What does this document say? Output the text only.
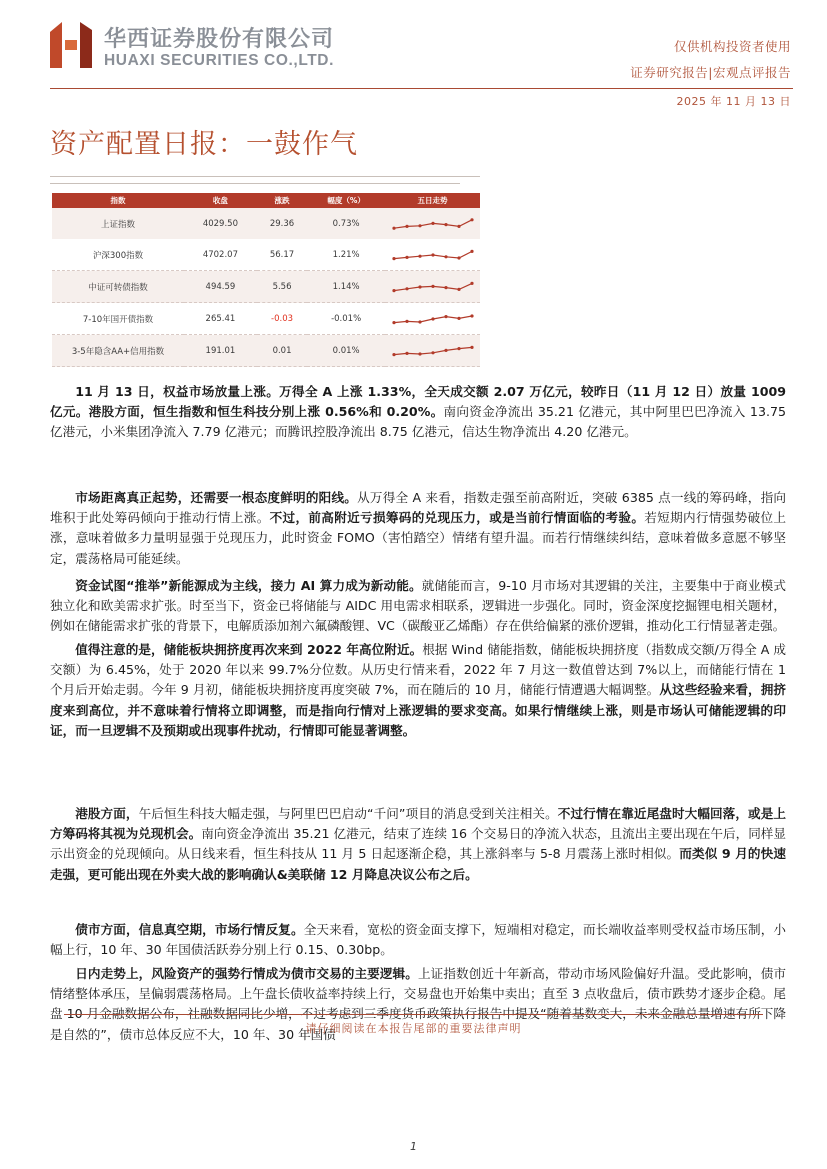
华西证券股份有限公司
HUAXI SECURITIES CO.,LTD.
仅供机构投资者使用
证券研究报告|宏观点评报告
2025 年 11 月 13 日
资产配置日报：一鼓作气
指数	收盘	涨跌	幅度（%）	五日走势
上证指数	4029.50	29.36	0.73%	

沪深300指数	4702.07	56.17	1.21%	

中证可转债指数	494.59	5.56	1.14%	

7-10年国开债指数	265.41	-0.03	-0.01%	

3-5年隐含AA+信用指数	191.01	0.01	0.01%	

11 月 13 日，权益市场放量上涨。万得全 A 上涨 1.33%，全天成交额 2.07 万亿元，较昨日（11 月 12 日）放量 1009 亿元。港股方面，恒生指数和恒生科技分别上涨 0.56%和 0.20%。南向资金净流出 35.21 亿港元，其中阿里巴巴净流入 13.75 亿港元，小米集团净流入 7.79 亿港元；而腾讯控股净流出 8.75 亿港元，信达生物净流出 4.20 亿港元。

市场距离真正起势，还需要一根态度鲜明的阳线。从万得全 A 来看，指数走强至前高附近，突破 6385 点一线的筹码峰，指向堆积于此处筹码倾向于推动行情上涨。不过，前高附近亏损筹码的兑现压力，或是当前行情面临的考验。若短期内行情强势破位上涨，意味着做多力量明显强于兑现压力，此时资金 FOMO（害怕踏空）情绪有望升温。而若行情继续纠结，意味着做多意愿不够坚定，震荡格局可能延续。

资金试图“推举”新能源成为主线，接力 AI 算力成为新动能。就储能而言，9-10 月市场对其逻辑的关注，主要集中于商业模式独立化和欧美需求扩张。时至当下，资金已将储能与 AIDC 用电需求相联系，逻辑进一步强化。同时，资金深度挖掘锂电相关题材，例如在储能需求扩张的背景下，电解质添加剂六氟磷酸锂、VC（碳酸亚乙烯酯）存在供给偏紧的涨价逻辑，推动化工行情显著走强。

值得注意的是，储能板块拥挤度再次来到 2022 年高位附近。根据 Wind 储能指数，储能板块拥挤度（指数成交额/万得全 A 成交额）为 6.45%，处于 2020 年以来 99.7%分位数。从历史行情来看，2022 年 7 月这一数值曾达到 7%以上，而储能行情在 1 个月后开始走弱。今年 9 月初，储能板块拥挤度再度突破 7%，而在随后的 10 月，储能行情遭遇大幅调整。从这些经验来看，拥挤度来到高位，并不意味着行情将立即调整，而是指向行情对上涨逻辑的要求变高。如果行情继续上涨，则是市场认可储能逻辑的印证，而一旦逻辑不及预期或出现事件扰动，行情即可能显著调整。

港股方面，午后恒生科技大幅走强，与阿里巴巴启动“千问”项目的消息受到关注相关。不过行情在靠近尾盘时大幅回落，或是上方筹码将其视为兑现机会。南向资金净流出 35.21 亿港元，结束了连续 16 个交易日的净流入状态，且流出主要出现在午后，同样显示出资金的兑现倾向。从日线来看，恒生科技从 11 月 5 日起逐渐企稳，其上涨斜率与 5-8 月震荡上涨时相似。而类似 9 月的快速走强，更可能出现在外卖大战的影响确认&美联储 12 月降息决议公布之后。

债市方面，信息真空期，市场行情反复。全天来看，宽松的资金面支撑下，短端相对稳定，而长端收益率则受权益市场压制，小幅上行，10 年、30 年国债活跃券分别上行 0.15、0.30bp。

日内走势上，风险资产的强势行情成为债市交易的主要逻辑。上证指数创近十年新高，带动市场风险偏好升温。受此影响，债市情绪整体承压，呈偏弱震荡格局。上午盘长债收益率持续上行，交易盘也开始集中卖出；直至 3 点收盘后，债市跌势才逐步企稳。尾盘 10 月金融数据公布，社融数据同比少增，不过考虑到三季度货币政策执行报告中提及“随着基数变大，未来金融总量增速有所下降是自然的”，债市总体反应不大，10 年、30 年国债

请仔细阅读在本报告尾部的重要法律声明
1
